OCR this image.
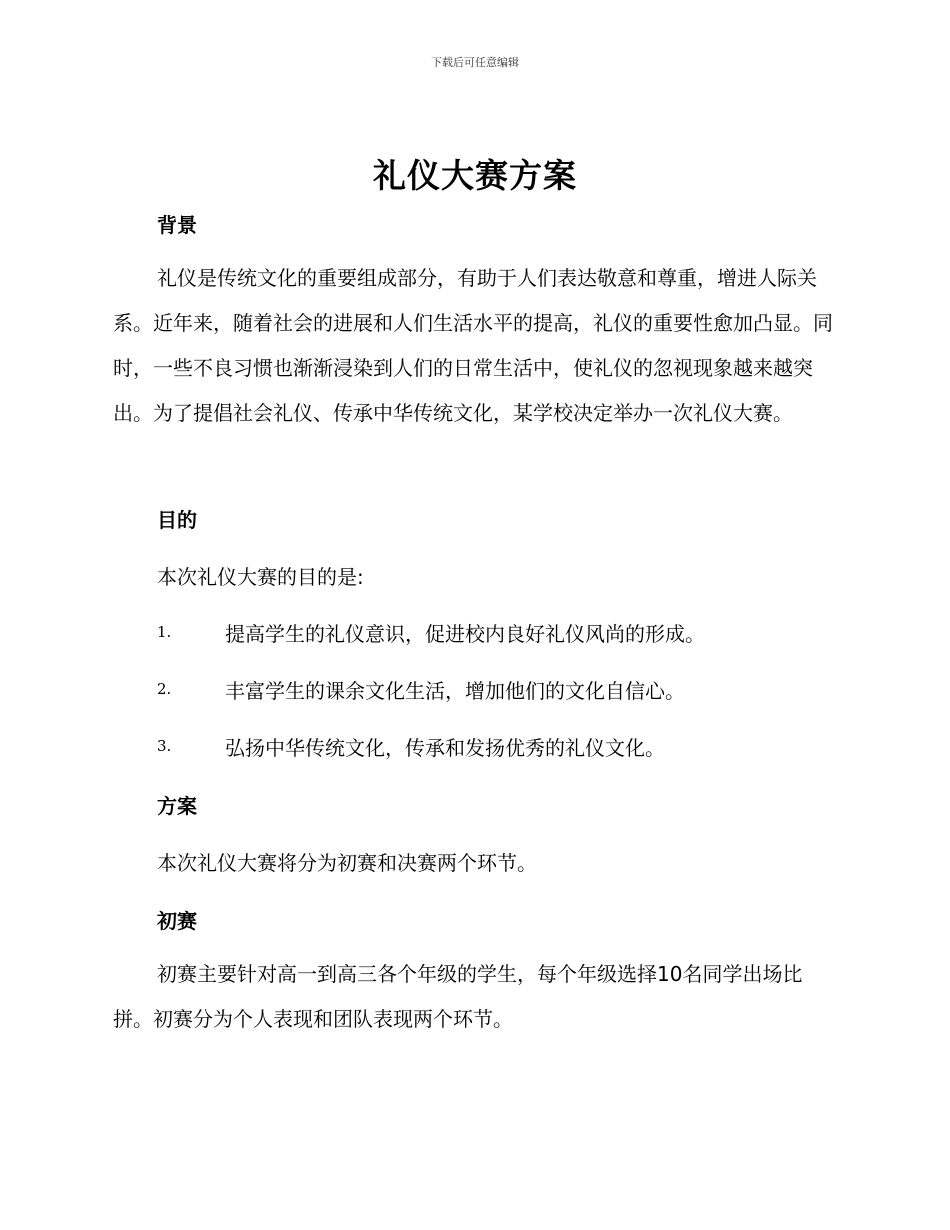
下载后可任意编辑
礼仪大赛方案
背景

礼仪是传统文化的重要组成部分，有助于人们表达敬意和尊重，增进人际关系。近年来，随着社会的进展和人们生活水平的提高，礼仪的重要性愈加凸显。同时，一些不良习惯也渐渐浸染到人们的日常生活中，使礼仪的忽视现象越来越突出。为了提倡社会礼仪、传承中华传统文化，某学校决定举办一次礼仪大赛。

目的
本次礼仪大赛的目的是:
1.	提高学生的礼仪意识，促进校内良好礼仪风尚的形成。
2.	丰富学生的课余文化生活，增加他们的文化自信心。
3.	弘扬中华传统文化，传承和发扬优秀的礼仪文化。
方案
本次礼仪大赛将分为初赛和决赛两个环节。
初赛

初赛主要针对高一到高三各个年级的学生，每个年级选择10名同学出场比拼。初赛分为个人表现和团队表现两个环节。
